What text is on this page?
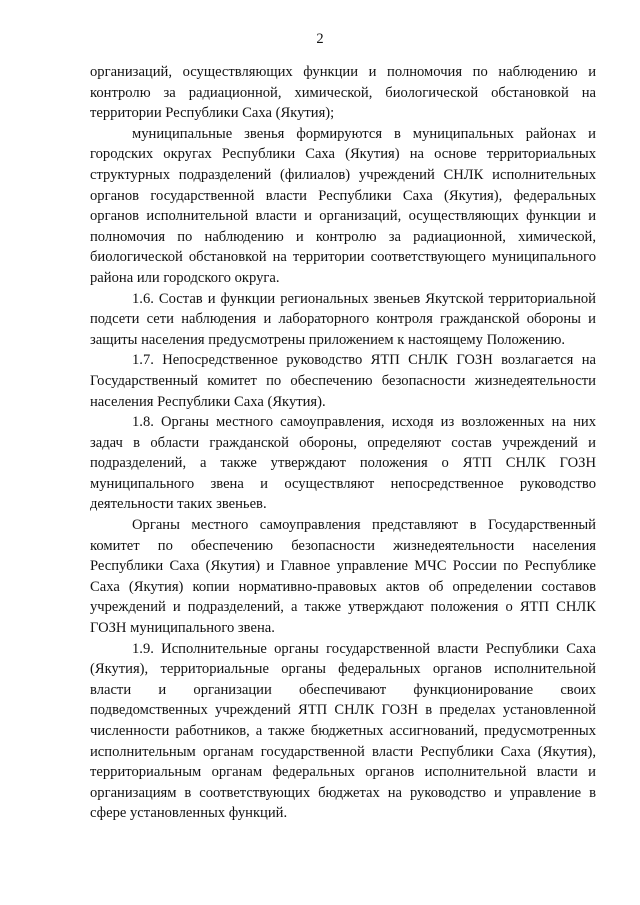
2

организаций, осуществляющих функции и полномочия по наблюдению и контролю за радиационной, химической, биологической обстановкой на территории Республики Саха (Якутия);

муниципальные звенья формируются в муниципальных районах и городских округах Республики Саха (Якутия) на основе территориальных структурных подразделений (филиалов) учреждений СНЛК исполнительных органов государственной власти Республики Саха (Якутия), федеральных органов исполнительной власти и организаций, осуществляющих функции и полномочия по наблюдению и контролю за радиационной, химической, биологической обстановкой на территории соответствующего муниципального района или городского округа.

1.6. Состав и функции региональных звеньев Якутской территориальной подсети сети наблюдения и лабораторного контроля гражданской обороны и защиты населения предусмотрены приложением к настоящему Положению.

1.7. Непосредственное руководство ЯТП СНЛК ГОЗН возлагается на Государственный комитет по обеспечению безопасности жизнедеятельности населения Республики Саха (Якутия).

1.8. Органы местного самоуправления, исходя из возложенных на них задач в области гражданской обороны, определяют состав учреждений и подразделений, а также утверждают положения о ЯТП СНЛК ГОЗН муниципального звена и осуществляют непосредственное руководство деятельности таких звеньев.

Органы местного самоуправления представляют в Государственный комитет по обеспечению безопасности жизнедеятельности населения Республики Саха (Якутия) и Главное управление МЧС России по Республике Саха (Якутия) копии нормативно-правовых актов об определении составов учреждений и подразделений, а также утверждают положения о ЯТП СНЛК ГОЗН муниципального звена.

1.9. Исполнительные органы государственной власти Республики Саха (Якутия), территориальные органы федеральных органов исполнительной власти и организации обеспечивают функционирование своих подведомственных учреждений ЯТП СНЛК ГОЗН в пределах установленной численности работников, а также бюджетных ассигнований, предусмотренных исполнительным органам государственной власти Республики Саха (Якутия), территориальным органам федеральных органов исполнительной власти и организациям в соответствующих бюджетах на руководство и управление в сфере установленных функций.
